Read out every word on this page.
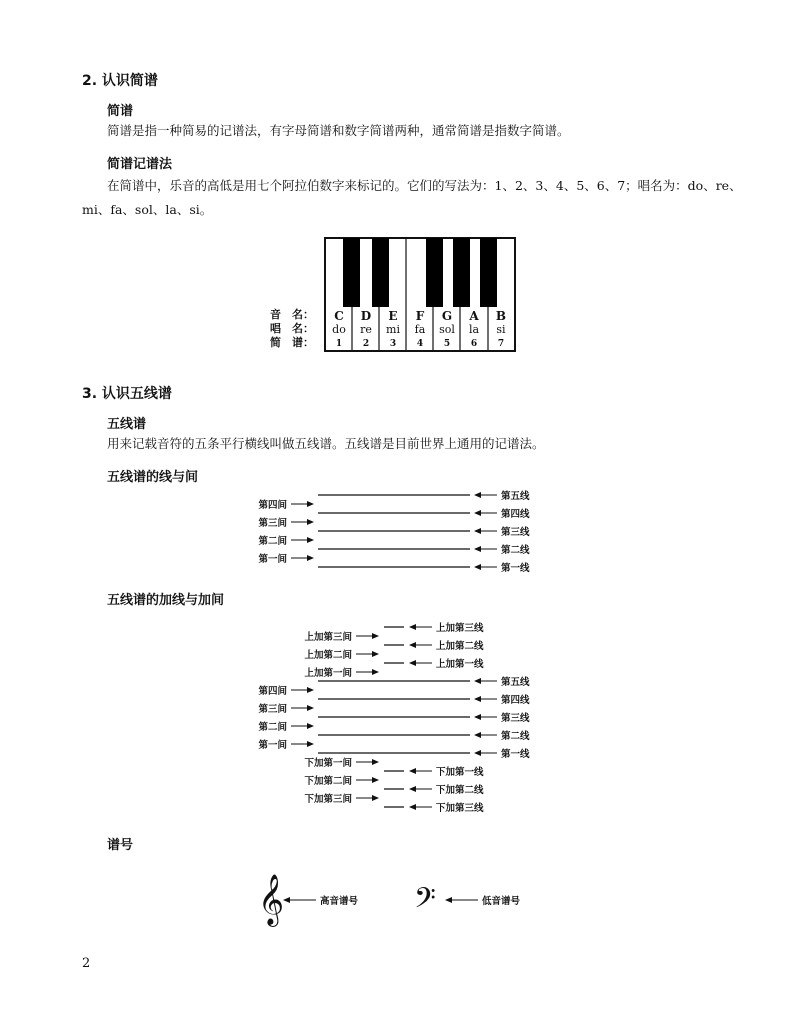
2. 认识简谱
简谱
简谱是指一种简易的记谱法，有字母简谱和数字简谱两种，通常简谱是指数字简谱。
简谱记谱法
在简谱中，乐音的高低是用七个阿拉伯数字来标记的。它们的写法为：1、2、3、4、5、6、7；唱名为：do、re、
mi、fa、sol、la、si。
音　名：
唱　名：
简　谱：
C D E F G A B
do re mi fa sol la si
1 2 3 4 5 6 7
3. 认识五线谱
五线谱
用来记载音符的五条平行横线叫做五线谱。五线谱是目前世界上通用的记谱法。
五线谱的线与间
五线谱的加线与加间
谱号
第五线
第四线
第三线
第二线
第一线
第四间
第三间
第二间
第一间
上加第三线
上加第二线
上加第一线
第五线
第四线
第三线
第二线
第一线
下加第一线
下加第二线
下加第三线
上加第三间
上加第二间
上加第一间
第四间
第三间
第二间
第一间
下加第一间
下加第二间
下加第三间
𝄞	高音谱号 𝄢	低音谱号
2
